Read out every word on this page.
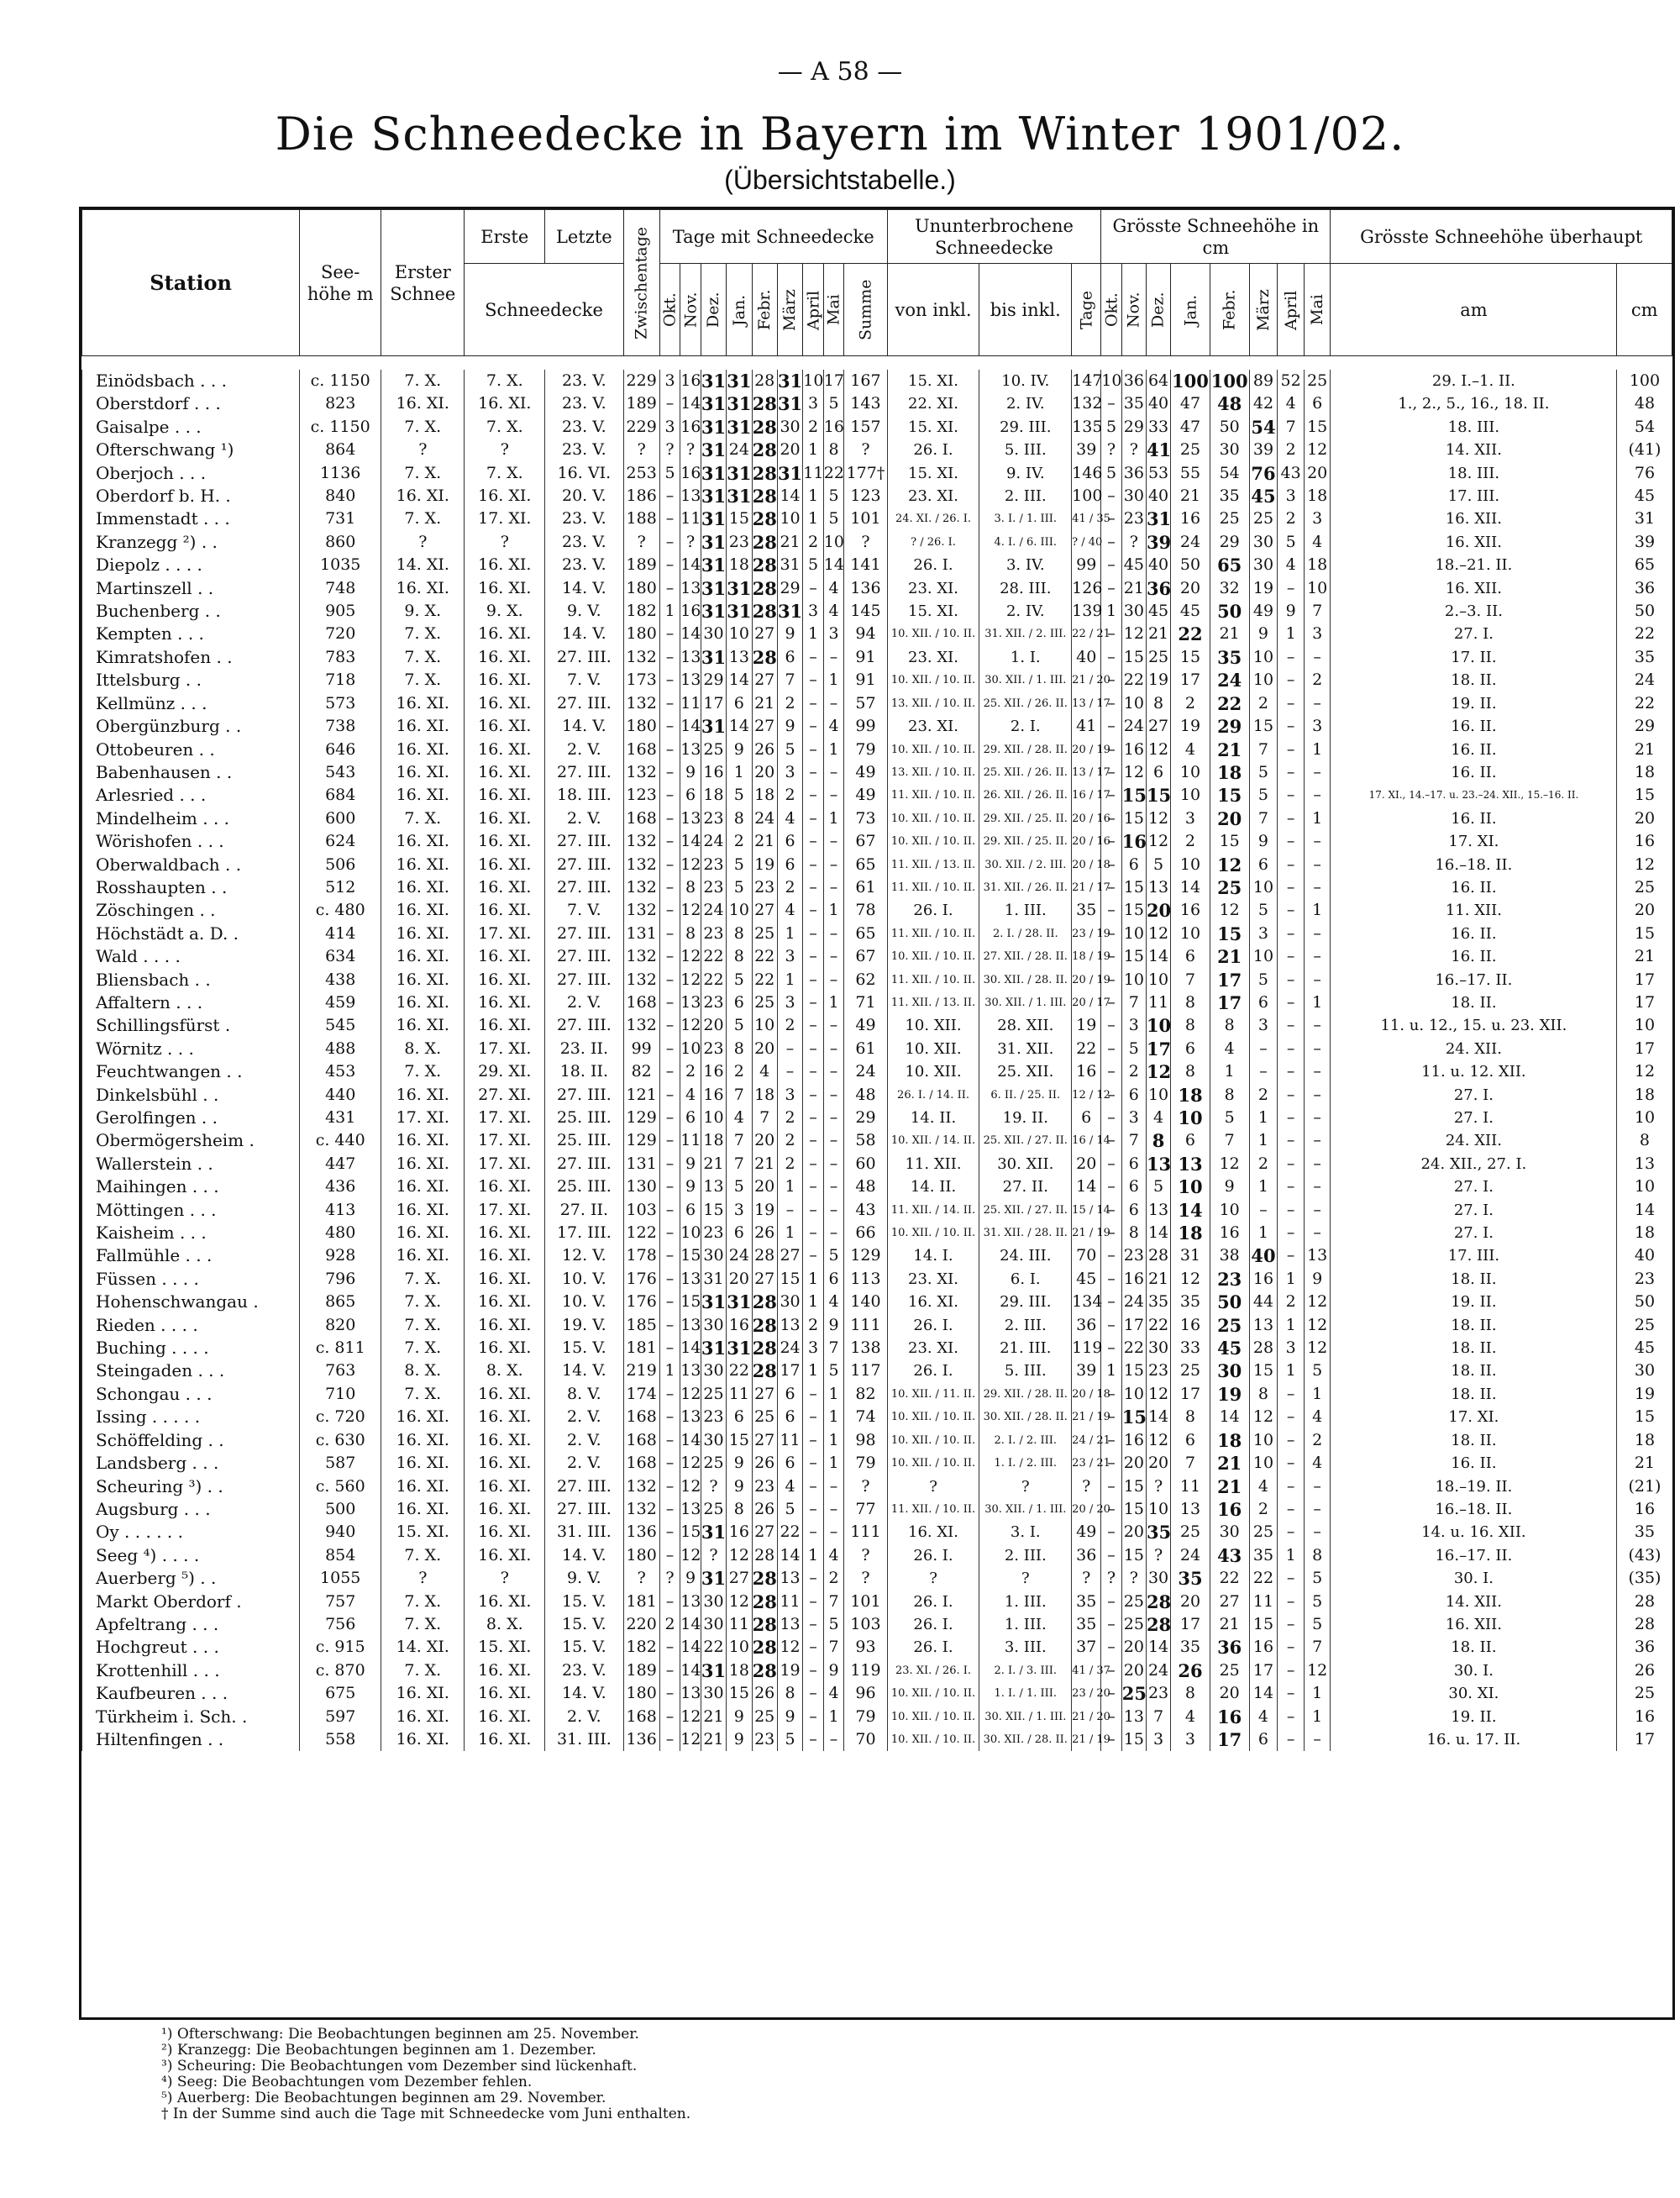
— A 58 —
Die Schneedecke in Bayern im Winter 1901/02.
(Übersichtstabelle.)
Station	See-höhe m	Erster Schnee	Erste	Letzte	Zwischentage	Tage mit Schneedecke									Ununterbrochene Schneedecke			Grösste Schneehöhe in cm								Grösste Schneehöhe überhaupt	
			Schneedecke			Okt.	Nov.	Dez.	Jan.	Febr.	März	April	Mai	Summe	von inkl.	bis inkl.	Tage	Okt.	Nov.	Dez.	Jan.	Febr.	März	April	Mai	am	cm

Einödsbach . . .	c. 1150	7. X.	7. X.	23. V.	229	3	16	31	31	28	31	10	17	167	15. XI.	10. IV.	147	10	36	64	100	100	89	52	25	29. I.–1. II.	100
Oberstdorf . . .	823	16. XI.	16. XI.	23. V.	189	–	14	31	31	28	31	3	5	143	22. XI.	2. IV.	132	–	35	40	47	48	42	4	6	1., 2., 5., 16., 18. II.	48
Gaisalpe . . .	c. 1150	7. X.	7. X.	23. V.	229	3	16	31	31	28	30	2	16	157	15. XI.	29. III.	135	5	29	33	47	50	54	7	15	18. III.	54
Ofterschwang ¹)	864	?	?	23. V.	?	?	?	31	24	28	20	1	8	?	26. I.	5. III.	39	?	?	41	25	30	39	2	12	14. XII.	(41)
Oberjoch . . .	1136	7. X.	7. X.	16. VI.	253	5	16	31	31	28	31	11	22	177†	15. XI.	9. IV.	146	5	36	53	55	54	76	43	20	18. III.	76
Oberdorf b. H. .	840	16. XI.	16. XI.	20. V.	186	–	13	31	31	28	14	1	5	123	23. XI.	2. III.	100	–	30	40	21	35	45	3	18	17. III.	45
Immenstadt . . .	731	7. X.	17. XI.	23. V.	188	–	11	31	15	28	10	1	5	101	24. XI. / 26. I.	3. I. / 1. III.	41 / 35	–	23	31	16	25	25	2	3	16. XII.	31
Kranzegg ²) . .	860	?	?	23. V.	?	–	?	31	23	28	21	2	10	?	? / 26. I.	4. I. / 6. III.	? / 40	–	?	39	24	29	30	5	4	16. XII.	39
Diepolz . . . .	1035	14. XI.	16. XI.	23. V.	189	–	14	31	18	28	31	5	14	141	26. I.	3. IV.	99	–	45	40	50	65	30	4	18	18.–21. II.	65
Martinszell . .	748	16. XI.	16. XI.	14. V.	180	–	13	31	31	28	29	–	4	136	23. XI.	28. III.	126	–	21	36	20	32	19	–	10	16. XII.	36
Buchenberg . .	905	9. X.	9. X.	9. V.	182	1	16	31	31	28	31	3	4	145	15. XI.	2. IV.	139	1	30	45	45	50	49	9	7	2.–3. II.	50
Kempten . . .	720	7. X.	16. XI.	14. V.	180	–	14	30	10	27	9	1	3	94	10. XII. / 10. II.	31. XII. / 2. III.	22 / 21	–	12	21	22	21	9	1	3	27. I.	22
Kimratshofen . .	783	7. X.	16. XI.	27. III.	132	–	13	31	13	28	6	–	–	91	23. XI.	1. I.	40	–	15	25	15	35	10	–	–	17. II.	35
Ittelsburg . .	718	7. X.	16. XI.	7. V.	173	–	13	29	14	27	7	–	1	91	10. XII. / 10. II.	30. XII. / 1. III.	21 / 20	–	22	19	17	24	10	–	2	18. II.	24
Kellmünz . . .	573	16. XI.	16. XI.	27. III.	132	–	11	17	6	21	2	–	–	57	13. XII. / 10. II.	25. XII. / 26. II.	13 / 17	–	10	8	2	22	2	–	–	19. II.	22
Obergünzburg . .	738	16. XI.	16. XI.	14. V.	180	–	14	31	14	27	9	–	4	99	23. XI.	2. I.	41	–	24	27	19	29	15	–	3	16. II.	29
Ottobeuren . .	646	16. XI.	16. XI.	2. V.	168	–	13	25	9	26	5	–	1	79	10. XII. / 10. II.	29. XII. / 28. II.	20 / 19	–	16	12	4	21	7	–	1	16. II.	21
Babenhausen . .	543	16. XI.	16. XI.	27. III.	132	–	9	16	1	20	3	–	–	49	13. XII. / 10. II.	25. XII. / 26. II.	13 / 17	–	12	6	10	18	5	–	–	16. II.	18
Arlesried . . .	684	16. XI.	16. XI.	18. III.	123	–	6	18	5	18	2	–	–	49	11. XII. / 10. II.	26. XII. / 26. II.	16 / 17	–	15	15	10	15	5	–	–	17. XI., 14.–17. u. 23.–24. XII., 15.–16. II.	15
Mindelheim . . .	600	7. X.	16. XI.	2. V.	168	–	13	23	8	24	4	–	1	73	10. XII. / 10. II.	29. XII. / 25. II.	20 / 16	–	15	12	3	20	7	–	1	16. II.	20
Wörishofen . . .	624	16. XI.	16. XI.	27. III.	132	–	14	24	2	21	6	–	–	67	10. XII. / 10. II.	29. XII. / 25. II.	20 / 16	–	16	12	2	15	9	–	–	17. XI.	16
Oberwaldbach . .	506	16. XI.	16. XI.	27. III.	132	–	12	23	5	19	6	–	–	65	11. XII. / 13. II.	30. XII. / 2. III.	20 / 18	–	6	5	10	12	6	–	–	16.–18. II.	12
Rosshaupten . .	512	16. XI.	16. XI.	27. III.	132	–	8	23	5	23	2	–	–	61	11. XII. / 10. II.	31. XII. / 26. II.	21 / 17	–	15	13	14	25	10	–	–	16. II.	25
Zöschingen . .	c. 480	16. XI.	16. XI.	7. V.	132	–	12	24	10	27	4	–	1	78	26. I.	1. III.	35	–	15	20	16	12	5	–	1	11. XII.	20
Höchstädt a. D. .	414	16. XI.	17. XI.	27. III.	131	–	8	23	8	25	1	–	–	65	11. XII. / 10. II.	2. I. / 28. II.	23 / 19	–	10	12	10	15	3	–	–	16. II.	15
Wald . . . .	634	16. XI.	16. XI.	27. III.	132	–	12	22	8	22	3	–	–	67	10. XII. / 10. II.	27. XII. / 28. II.	18 / 19	–	15	14	6	21	10	–	–	16. II.	21
Bliensbach . .	438	16. XI.	16. XI.	27. III.	132	–	12	22	5	22	1	–	–	62	11. XII. / 10. II.	30. XII. / 28. II.	20 / 19	–	10	10	7	17	5	–	–	16.–17. II.	17
Affaltern . . .	459	16. XI.	16. XI.	2. V.	168	–	13	23	6	25	3	–	1	71	11. XII. / 13. II.	30. XII. / 1. III.	20 / 17	–	7	11	8	17	6	–	1	18. II.	17
Schillingsfürst .	545	16. XI.	16. XI.	27. III.	132	–	12	20	5	10	2	–	–	49	10. XII.	28. XII.	19	–	3	10	8	8	3	–	–	11. u. 12., 15. u. 23. XII.	10
Wörnitz . . .	488	8. X.	17. XI.	23. II.	99	–	10	23	8	20	–	–	–	61	10. XII.	31. XII.	22	–	5	17	6	4	–	–	–	24. XII.	17
Feuchtwangen . .	453	7. X.	29. XI.	18. II.	82	–	2	16	2	4	–	–	–	24	10. XII.	25. XII.	16	–	2	12	8	1	–	–	–	11. u. 12. XII.	12
Dinkelsbühl . .	440	16. XI.	27. XI.	27. III.	121	–	4	16	7	18	3	–	–	48	26. I. / 14. II.	6. II. / 25. II.	12 / 12	–	6	10	18	8	2	–	–	27. I.	18
Gerolfingen . .	431	17. XI.	17. XI.	25. III.	129	–	6	10	4	7	2	–	–	29	14. II.	19. II.	6	–	3	4	10	5	1	–	–	27. I.	10
Obermögersheim .	c. 440	16. XI.	17. XI.	25. III.	129	–	11	18	7	20	2	–	–	58	10. XII. / 14. II.	25. XII. / 27. II.	16 / 14	–	7	8	6	7	1	–	–	24. XII.	8
Wallerstein . .	447	16. XI.	17. XI.	27. III.	131	–	9	21	7	21	2	–	–	60	11. XII.	30. XII.	20	–	6	13	13	12	2	–	–	24. XII., 27. I.	13
Maihingen . . .	436	16. XI.	16. XI.	25. III.	130	–	9	13	5	20	1	–	–	48	14. II.	27. II.	14	–	6	5	10	9	1	–	–	27. I.	10
Möttingen . . .	413	16. XI.	17. XI.	27. II.	103	–	6	15	3	19	–	–	–	43	11. XII. / 14. II.	25. XII. / 27. II.	15 / 14	–	6	13	14	10	–	–	–	27. I.	14
Kaisheim . . .	480	16. XI.	16. XI.	17. III.	122	–	10	23	6	26	1	–	–	66	10. XII. / 10. II.	31. XII. / 28. II.	21 / 19	–	8	14	18	16	1	–	–	27. I.	18
Fallmühle . . .	928	16. XI.	16. XI.	12. V.	178	–	15	30	24	28	27	–	5	129	14. I.	24. III.	70	–	23	28	31	38	40	–	13	17. III.	40
Füssen . . . .	796	7. X.	16. XI.	10. V.	176	–	13	31	20	27	15	1	6	113	23. XI.	6. I.	45	–	16	21	12	23	16	1	9	18. II.	23
Hohenschwangau .	865	7. X.	16. XI.	10. V.	176	–	15	31	31	28	30	1	4	140	16. XI.	29. III.	134	–	24	35	35	50	44	2	12	19. II.	50
Rieden . . . .	820	7. X.	16. XI.	19. V.	185	–	13	30	16	28	13	2	9	111	26. I.	2. III.	36	–	17	22	16	25	13	1	12	18. II.	25
Buching . . . .	c. 811	7. X.	16. XI.	15. V.	181	–	14	31	31	28	24	3	7	138	23. XI.	21. III.	119	–	22	30	33	45	28	3	12	18. II.	45
Steingaden . . .	763	8. X.	8. X.	14. V.	219	1	13	30	22	28	17	1	5	117	26. I.	5. III.	39	1	15	23	25	30	15	1	5	18. II.	30
Schongau . . .	710	7. X.	16. XI.	8. V.	174	–	12	25	11	27	6	–	1	82	10. XII. / 11. II.	29. XII. / 28. II.	20 / 18	–	10	12	17	19	8	–	1	18. II.	19
Issing . . . . .	c. 720	16. XI.	16. XI.	2. V.	168	–	13	23	6	25	6	–	1	74	10. XII. / 10. II.	30. XII. / 28. II.	21 / 19	–	15	14	8	14	12	–	4	17. XI.	15
Schöffelding . .	c. 630	16. XI.	16. XI.	2. V.	168	–	14	30	15	27	11	–	1	98	10. XII. / 10. II.	2. I. / 2. III.	24 / 21	–	16	12	6	18	10	–	2	18. II.	18
Landsberg . . .	587	16. XI.	16. XI.	2. V.	168	–	12	25	9	26	6	–	1	79	10. XII. / 10. II.	1. I. / 2. III.	23 / 21	–	20	20	7	21	10	–	4	16. II.	21
Scheuring ³) . .	c. 560	16. XI.	16. XI.	27. III.	132	–	12	?	9	23	4	–	–	?	?	?	?	–	15	?	11	21	4	–	–	18.–19. II.	(21)
Augsburg . . .	500	16. XI.	16. XI.	27. III.	132	–	13	25	8	26	5	–	–	77	11. XII. / 10. II.	30. XII. / 1. III.	20 / 20	–	15	10	13	16	2	–	–	16.–18. II.	16
Oy . . . . . .	940	15. XI.	16. XI.	31. III.	136	–	15	31	16	27	22	–	–	111	16. XI.	3. I.	49	–	20	35	25	30	25	–	–	14. u. 16. XII.	35
Seeg ⁴) . . . .	854	7. X.	16. XI.	14. V.	180	–	12	?	12	28	14	1	4	?	26. I.	2. III.	36	–	15	?	24	43	35	1	8	16.–17. II.	(43)
Auerberg ⁵) . .	1055	?	?	9. V.	?	?	9	31	27	28	13	–	2	?	?	?	?	?	?	30	35	22	22	–	5	30. I.	(35)
Markt Oberdorf .	757	7. X.	16. XI.	15. V.	181	–	13	30	12	28	11	–	7	101	26. I.	1. III.	35	–	25	28	20	27	11	–	5	14. XII.	28
Apfeltrang . . .	756	7. X.	8. X.	15. V.	220	2	14	30	11	28	13	–	5	103	26. I.	1. III.	35	–	25	28	17	21	15	–	5	16. XII.	28
Hochgreut . . .	c. 915	14. XI.	15. XI.	15. V.	182	–	14	22	10	28	12	–	7	93	26. I.	3. III.	37	–	20	14	35	36	16	–	7	18. II.	36
Krottenhill . . .	c. 870	7. X.	16. XI.	23. V.	189	–	14	31	18	28	19	–	9	119	23. XI. / 26. I.	2. I. / 3. III.	41 / 37	–	20	24	26	25	17	–	12	30. I.	26
Kaufbeuren . . .	675	16. XI.	16. XI.	14. V.	180	–	13	30	15	26	8	–	4	96	10. XII. / 10. II.	1. I. / 1. III.	23 / 20	–	25	23	8	20	14	–	1	30. XI.	25
Türkheim i. Sch. .	597	16. XI.	16. XI.	2. V.	168	–	12	21	9	25	9	–	1	79	10. XII. / 10. II.	30. XII. / 1. III.	21 / 20	–	13	7	4	16	4	–	1	19. II.	16
Hiltenfingen . .	558	16. XI.	16. XI.	31. III.	136	–	12	21	9	23	5	–	–	70	10. XII. / 10. II.	30. XII. / 28. II.	21 / 19	–	15	3	3	17	6	–	–	16. u. 17. II.	17
¹) Ofterschwang: Die Beobachtungen beginnen am 25. November.
²) Kranzegg: Die Beobachtungen beginnen am 1. Dezember.
³) Scheuring: Die Beobachtungen vom Dezember sind lückenhaft.
⁴) Seeg: Die Beobachtungen vom Dezember fehlen.
⁵) Auerberg: Die Beobachtungen beginnen am 29. November.
† In der Summe sind auch die Tage mit Schneedecke vom Juni enthalten.
